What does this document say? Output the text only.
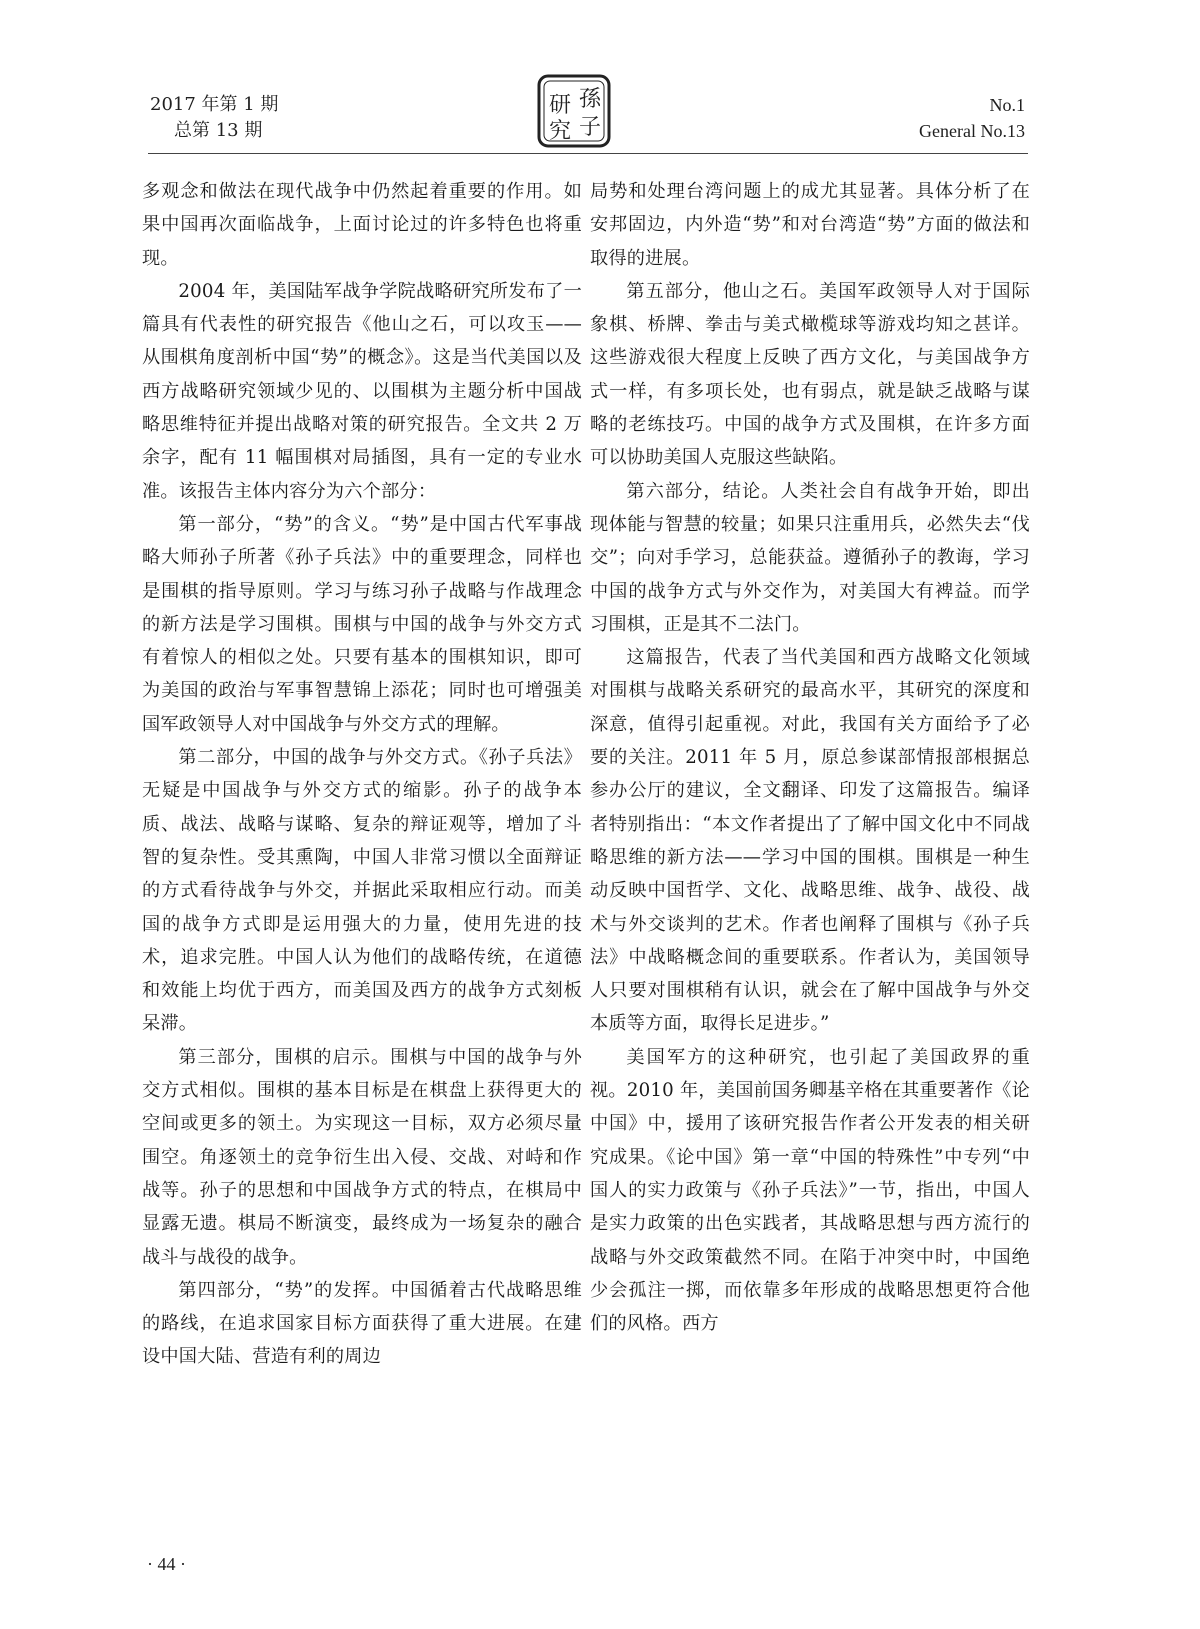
2017 年第 1 期
总第 13 期
孫
子
研
究
No.1
General No.13

多观念和做法在现代战争中仍然起着重要的作用。如果中国再次面临战争，上面讨论过的许多特色也将重现。

2004 年，美国陆军战争学院战略研究所发布了一篇具有代表性的研究报告《他山之石，可以攻玉——从围棋角度剖析中国“势”的概念》。这是当代美国以及西方战略研究领域少见的、以围棋为主题分析中国战略思维特征并提出战略对策的研究报告。全文共 2 万余字，配有 11 幅围棋对局插图，具有一定的专业水准。该报告主体内容分为六个部分：

第一部分，“势”的含义。“势”是中国古代军事战略大师孙子所著《孙子兵法》中的重要理念，同样也是围棋的指导原则。学习与练习孙子战略与作战理念的新方法是学习围棋。围棋与中国的战争与外交方式有着惊人的相似之处。只要有基本的围棋知识，即可为美国的政治与军事智慧锦上添花；同时也可增强美国军政领导人对中国战争与外交方式的理解。

第二部分，中国的战争与外交方式。《孙子兵法》无疑是中国战争与外交方式的缩影。孙子的战争本质、战法、战略与谋略、复杂的辩证观等，增加了斗智的复杂性。受其熏陶，中国人非常习惯以全面辩证的方式看待战争与外交，并据此采取相应行动。而美国的战争方式即是运用强大的力量，使用先进的技术，追求完胜。中国人认为他们的战略传统，在道德和效能上均优于西方，而美国及西方的战争方式刻板呆滞。

第三部分，围棋的启示。围棋与中国的战争与外交方式相似。围棋的基本目标是在棋盘上获得更大的空间或更多的领土。为实现这一目标，双方必须尽量围空。角逐领土的竞争衍生出入侵、交战、对峙和作战等。孙子的思想和中国战争方式的特点，在棋局中显露无遗。棋局不断演变，最终成为一场复杂的融合战斗与战役的战争。

第四部分，“势”的发挥。中国循着古代战略思维的路线，在追求国家目标方面获得了重大进展。在建设中国大陆、营造有利的周边

局势和处理台湾问题上的成尤其显著。具体分析了在安邦固边，内外造“势”和对台湾造“势”方面的做法和取得的进展。

第五部分，他山之石。美国军政领导人对于国际象棋、桥牌、拳击与美式橄榄球等游戏均知之甚详。这些游戏很大程度上反映了西方文化，与美国战争方式一样，有多项长处，也有弱点，就是缺乏战略与谋略的老练技巧。中国的战争方式及围棋，在许多方面可以协助美国人克服这些缺陷。

第六部分，结论。人类社会自有战争开始，即出现体能与智慧的较量；如果只注重用兵，必然失去“伐交”；向对手学习，总能获益。遵循孙子的教诲，学习中国的战争方式与外交作为，对美国大有裨益。而学习围棋，正是其不二法门。

这篇报告，代表了当代美国和西方战略文化领域对围棋与战略关系研究的最高水平，其研究的深度和深意，值得引起重视。对此，我国有关方面给予了必要的关注。2011 年 5 月，原总参谋部情报部根据总参办公厅的建议，全文翻译、印发了这篇报告。编译者特别指出：“本文作者提出了了解中国文化中不同战略思维的新方法——学习中国的围棋。围棋是一种生动反映中国哲学、文化、战略思维、战争、战役、战术与外交谈判的艺术。作者也阐释了围棋与《孙子兵法》中战略概念间的重要联系。作者认为，美国领导人只要对围棋稍有认识，就会在了解中国战争与外交本质等方面，取得长足进步。”

美国军方的这种研究，也引起了美国政界的重视。2010 年，美国前国务卿基辛格在其重要著作《论中国》中，援用了该研究报告作者公开发表的相关研究成果。《论中国》第一章“中国的特殊性”中专列“中国人的实力政策与《孙子兵法》”一节，指出，中国人是实力政策的出色实践者，其战略思想与西方流行的战略与外交政策截然不同。在陷于冲突中时，中国绝少会孤注一掷，而依靠多年形成的战略思想更符合他们的风格。西方

· 44 ·
